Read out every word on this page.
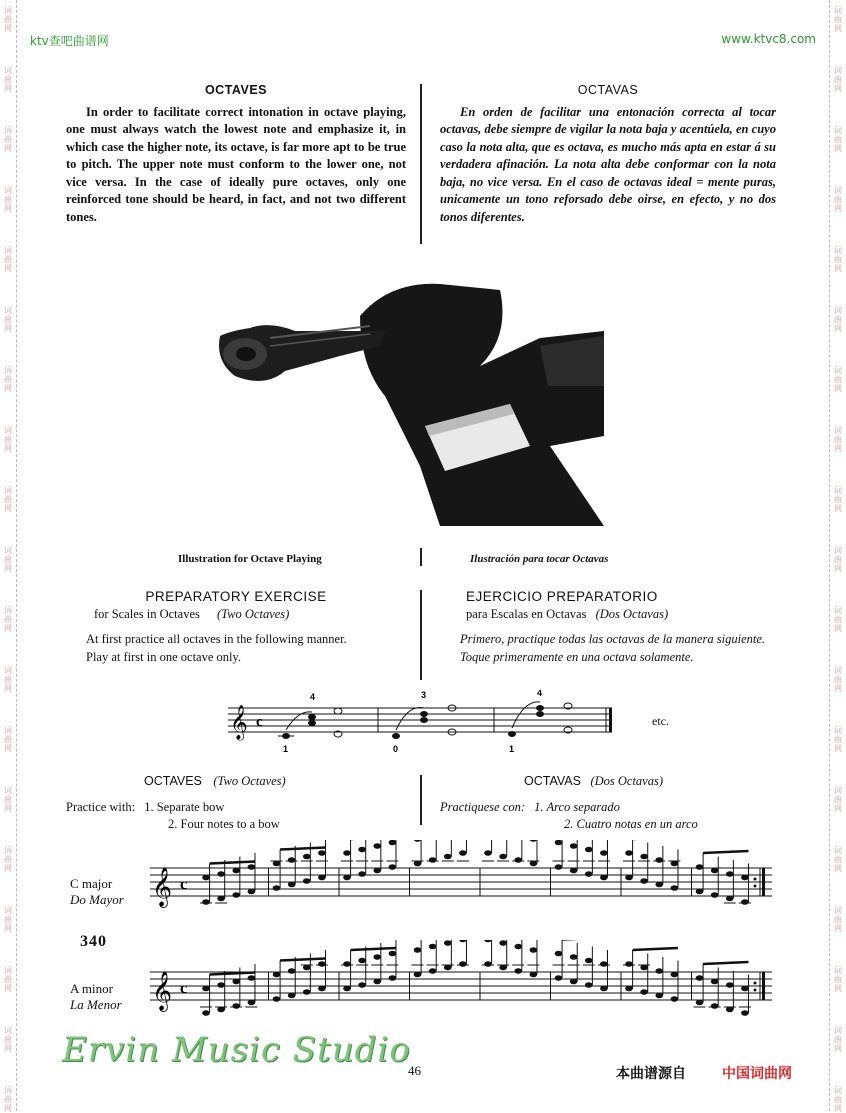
词
曲
网
词
曲
网
词
曲
网
词
曲
网
词
曲
网
词
曲
网
词
曲
网
词
曲
网
词
曲
网
词
曲
网
词
曲
网
词
曲
网
词
曲
网
词
曲
网
词
曲
网
词
曲
网
词
曲
网
词
曲
网
词
曲
网
词
曲
网
词
曲
网
词
曲
网
词
曲
网
词
曲
网
词
曲
网
词
曲
网
词
曲
网
词
曲
网
词
曲
网
词
曲
网
词
曲
网
词
曲
网
词
曲
网
词
曲
网
词
曲
网
词
曲
网
词
曲
网
词
曲
网
ktv查吧曲谱网	www.ktvc8.com
OCTAVES
In order to facilitate correct intonation in octave playing, one must always watch the lowest note and emphasize it, in which case the higher note, its octave, is far more apt to be true to pitch. The upper note must conform to the lower one, not vice versa. In the case of ideally pure octaves, only one reinforced tone should be heard, in fact, and not two different tones.
OCTAVAS
En orden de facilitar una entonación correcta al tocar octavas, debe siempre de vigilar la nota baja y acentúela, en cuyo caso la nota alta, que es octava, es mucho más apta en estar á su verdadera afinación. La nota alta debe conformar con la nota baja, no vice versa. En el caso de octavas ideal = mente puras, unicamente un tono reforsado debe oirse, en efecto, y no dos tonos diferentes.
Illustration for Octave Playing	Ilustración para tocar Octavas
PREPARATORY EXERCISE
for Scales in Octaves (Two Octaves)
At first practice all octaves in the following manner.
Play at first in one octave only.
EJERCICIO PREPARATORIO
para Escalas en Octavas (Dos Octavas)
Primero, practique todas las octavas de la manera siguiente.
Toque primeramente en una octava solamente.
𝄞 c
1
4
0
3
1
4
etc.
OCTAVES (Two Octaves)
Practice with: 1. Separate bow
2. Four notes to a bow
OCTAVAS (Dos Octavas)
Practiquese con: 1. Arco separado
2. Cuatro notas en un arco
C major
Do Mayor 𝄞 c
340
A minor
La Menor 𝄞 c
Ervin Music Studio
46	本曲谱源自	中国词曲网
